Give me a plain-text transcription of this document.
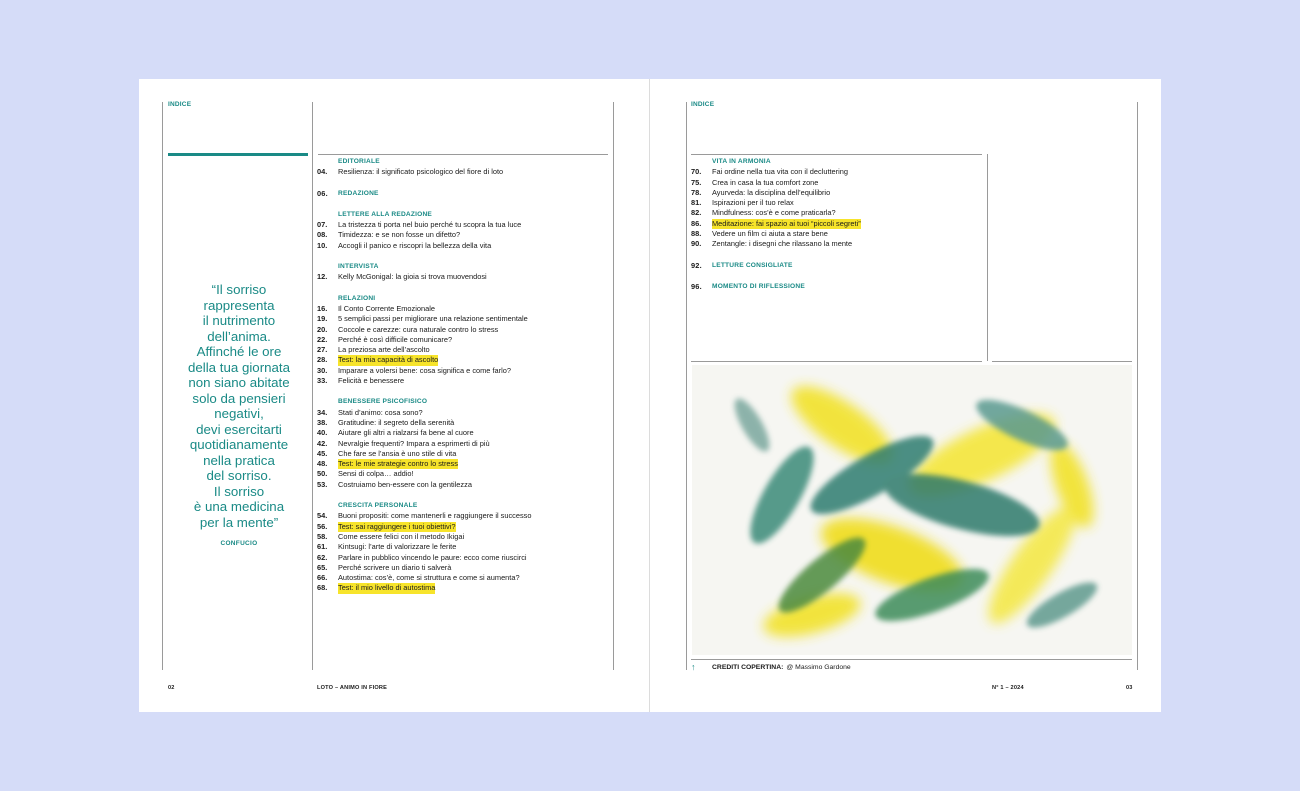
INDICE
“Il sorriso
rappresenta
il nutrimento
dell’anima.
Affinché le ore
della tua giornata
non siano abitate
solo da pensieri
negativi,
devi esercitarti
quotidianamente
nella pratica
del sorriso.
Il sorriso
è una medicina
per la mente”
CONFUCIO
EDITORIALE
04.	Resilienza: il significato psicologico del fiore di loto
06.	REDAZIONE
LETTERE ALLA REDAZIONE
07.	La tristezza ti porta nel buio perché tu scopra la tua luce
08.	Timidezza: e se non fosse un difetto?
10.	Accogli il panico e riscopri la bellezza della vita
INTERVISTA
12.	Kelly McGonigal: la gioia si trova muovendosi
RELAZIONI
16.	Il Conto Corrente Emozionale
19.	5 semplici passi per migliorare una relazione sentimentale
20.	Coccole e carezze: cura naturale contro lo stress
22.	Perché è così difficile comunicare?
27.	La preziosa arte dell’ascolto
28.	Test: la mia capacità di ascolto
30.	Imparare a volersi bene: cosa significa e come farlo?
33.	Felicità e benessere
BENESSERE PSICOFISICO
34.	Stati d’animo: cosa sono?
38.	Gratitudine: il segreto della serenità
40.	Aiutare gli altri a rialzarsi fa bene al cuore
42.	Nevralgie frequenti? Impara a esprimerti di più
45.	Che fare se l’ansia è uno stile di vita
48.	Test: le mie strategie contro lo stress
50.	Sensi di colpa… addio!
53.	Costruiamo ben-essere con la gentilezza
CRESCITA PERSONALE
54.	Buoni propositi: come mantenerli e raggiungere il successo
56.	Test: sai raggiungere i tuoi obiettivi?
58.	Come essere felici con il metodo Ikigai
61.	Kintsugi: l’arte di valorizzare le ferite
62.	Parlare in pubblico vincendo le paure: ecco come riuscirci
65.	Perché scrivere un diario ti salverà
66.	Autostima: cos’è, come si struttura e come si aumenta?
68.	Test: il mio livello di autostima
02	LOTO – ANIMO IN FIORE
INDICE
VITA IN ARMONIA
70.	Fai ordine nella tua vita con il decluttering
75.	Crea in casa la tua comfort zone
78.	Ayurveda: la disciplina dell’equilibrio
81.	Ispirazioni per il tuo relax
82.	Mindfulness: cos’è e come praticarla?
86.	Meditazione: fai spazio ai tuoi “piccoli segreti”
88.	Vedere un film ci aiuta a stare bene
90.	Zentangle: i disegni che rilassano la mente
92.	LETTURE CONSIGLIATE
96.	MOMENTO DI RIFLESSIONE
↑	CREDITI COPERTINA: @ Massimo Gardone
N° 1 – 2024	03
